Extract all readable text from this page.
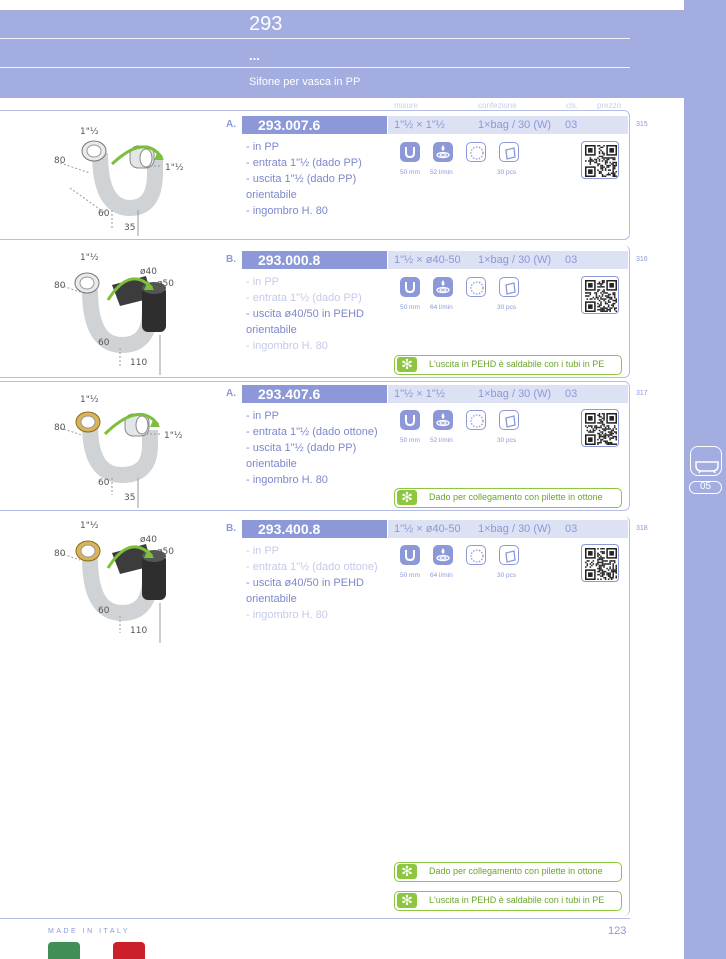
293
...
Sifone per vasca in PP
05
misure	confezione	cls. prezzo
A.	293.007.6	1"½ × 1"½	1×bag / 30 (W) 03	315
- in PP
- entrata 1"½ (dado PP)
- uscita 1"½ (dado PP)
orientabile
- ingombro H. 80
B.	293.000.8	1"½ × ø40-50 1×bag / 30 (W) 03	316
- in PP
- entrata 1"½ (dado PP)
- uscita ø40/50 in PEHD
orientabile
- ingombro H. 80
✻	L'uscita in PEHD è saldabile con i tubi in PE
A.	293.407.6	1"½ × 1"½	1×bag / 30 (W) 03	317
- in PP
- entrata 1"½ (dado ottone)
- uscita 1"½ (dado PP)
orientabile
- ingombro H. 80
✻	Dado per collegamento con pilette in ottone
B.	293.400.8	1"½ × ø40-50 1×bag / 30 (W) 03	318
- in PP
- entrata 1"½ (dado ottone)
- uscita ø40/50 in PEHD
orientabile
- ingombro H. 80
50 mm 52 l/min	30 pcs
50 mm 64 l/min	30 pcs
50 mm 52 l/min	30 pcs
50 mm 64 l/min	30 pcs
1"½
80
1"½
60
35
1"½
80
ø40
ø50
60
110
1"½
80
1"½
60
35
1"½
80
ø40
ø50
60
110
✻	Dado per collegamento con pilette in ottone
✻	L'uscita in PEHD è saldabile con i tubi in PE
MADE IN ITALY	123
